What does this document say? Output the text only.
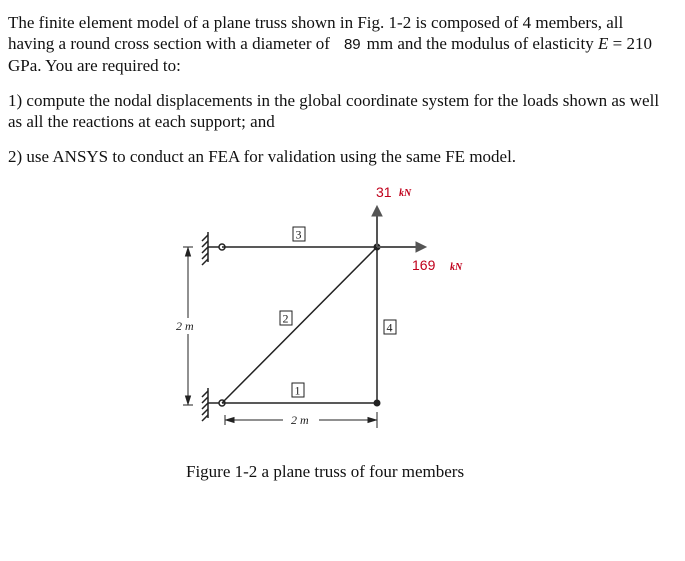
The finite element model of a plane truss shown in Fig. 1-2 is composed of 4 members, all having a round cross section with a diameter of 89 mm and the modulus of elasticity E = 210 GPa. You are required to:
1) compute the nodal displacements in the global coordinate system for the loads shown as well as all the reactions at each support; and
2) use ANSYS to conduct an FEA for validation using the same FE model.
31 kN
169 kN
3
2
1
4
2 m
2 m
Figure 1-2 a plane truss of four members
